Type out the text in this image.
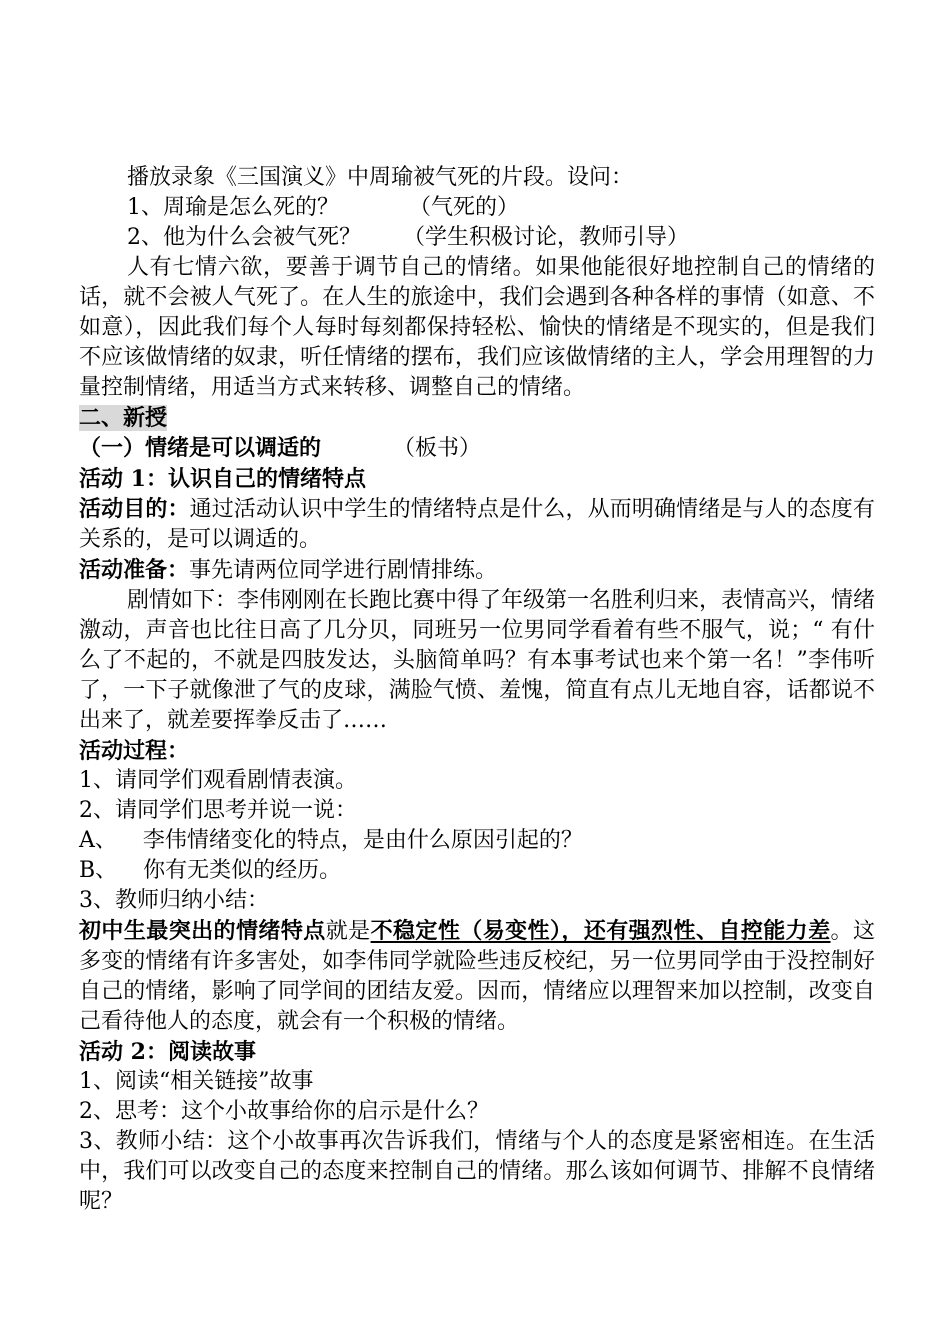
播放录象《三国演义》中周瑜被气死的片段。设问：

1、周瑜是怎么死的？	（气死的）

2、他为什么会被气死？ （学生积极讨论，教师引导）

人有七情六欲，要善于调节自己的情绪。如果他能很好地控制自己的情绪的话，就不会被人气死了。在人生的旅途中，我们会遇到各种各样的事情（如意、不如意），因此我们每个人每时每刻都保持轻松、愉快的情绪是不现实的，但是我们不应该做情绪的奴隶，听任情绪的摆布，我们应该做情绪的主人，学会用理智的力量控制情绪，用适当方式来转移、调整自己的情绪。

二、新授

（一）情绪是可以调适的	（板书）

活动 1：认识自己的情绪特点

活动目的：通过活动认识中学生的情绪特点是什么，从而明确情绪是与人的态度有关系的，是可以调适的。

活动准备：事先请两位同学进行剧情排练。

剧情如下：李伟刚刚在长跑比赛中得了年级第一名胜利归来，表情高兴，情绪激动，声音也比往日高了几分贝，同班另一位男同学看着有些不服气，说；“ 有什么了不起的，不就是四肢发达，头脑简单吗？有本事考试也来个第一名！”李伟听了，一下子就像泄了气的皮球，满脸气愤、羞愧，简直有点儿无地自容，话都说不出来了，就差要挥拳反击了……

活动过程：

1、请同学们观看剧情表演。

2、请同学们思考并说一说：

A、 李伟情绪变化的特点，是由什么原因引起的？

B、 你有无类似的经历。

3、教师归纳小结：

初中生最突出的情绪特点就是不稳定性（易变性），还有强烈性、自控能力差。这多变的情绪有许多害处，如李伟同学就险些违反校纪，另一位男同学由于没控制好自己的情绪，影响了同学间的团结友爱。因而，情绪应以理智来加以控制，改变自己看待他人的态度，就会有一个积极的情绪。

活动 2：阅读故事

1、阅读“相关链接”故事

2、思考：这个小故事给你的启示是什么？

3、教师小结：这个小故事再次告诉我们，情绪与个人的态度是紧密相连。在生活中，我们可以改变自己的态度来控制自己的情绪。那么该如何调节、排解不良情绪呢？
